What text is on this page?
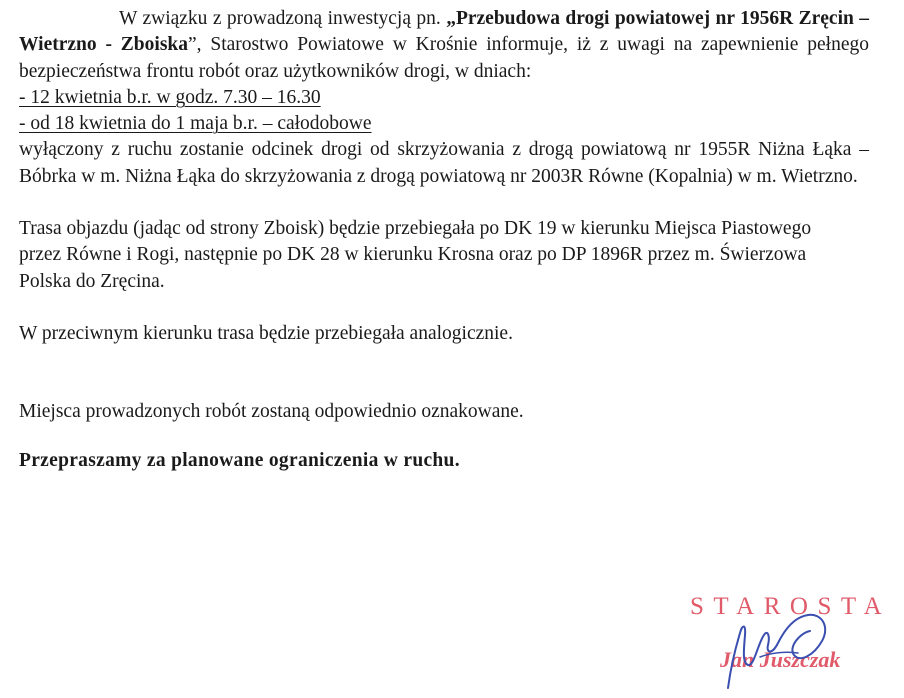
W związku z prowadzoną inwestycją pn. „Przebudowa drogi powiatowej nr 1956R Zręcin – Wietrzno - Zboiska”, Starostwo Powiatowe w Krośnie informuje, iż z uwagi na zapewnienie pełnego bezpieczeństwa frontu robót oraz użytkowników drogi, w dniach:

- 12 kwietnia b.r. w godz. 7.30 – 16.30
- od 18 kwietnia do 1 maja b.r. – całodobowe

wyłączony z ruchu zostanie odcinek drogi od skrzyżowania z drogą powiatową nr 1955R Niżna Łąka – Bóbrka w m. Niżna Łąka do skrzyżowania z drogą powiatową nr 2003R Równe (Kopalnia) w m. Wietrzno.

Trasa objazdu (jadąc od strony Zboisk) będzie przebiegała po DK 19 w kierunku Miejsca Piastowego przez Równe i Rogi, następnie po DK 28 w kierunku Krosna oraz po DP 1896R przez m. Świerzowa Polska do Zręcina.

W przeciwnym kierunku trasa będzie przebiegała analogicznie.

Miejsca prowadzonych robót zostaną odpowiednio oznakowane.

Przepraszamy za planowane ograniczenia w ruchu.

STAROSTA
Jan Juszczak
